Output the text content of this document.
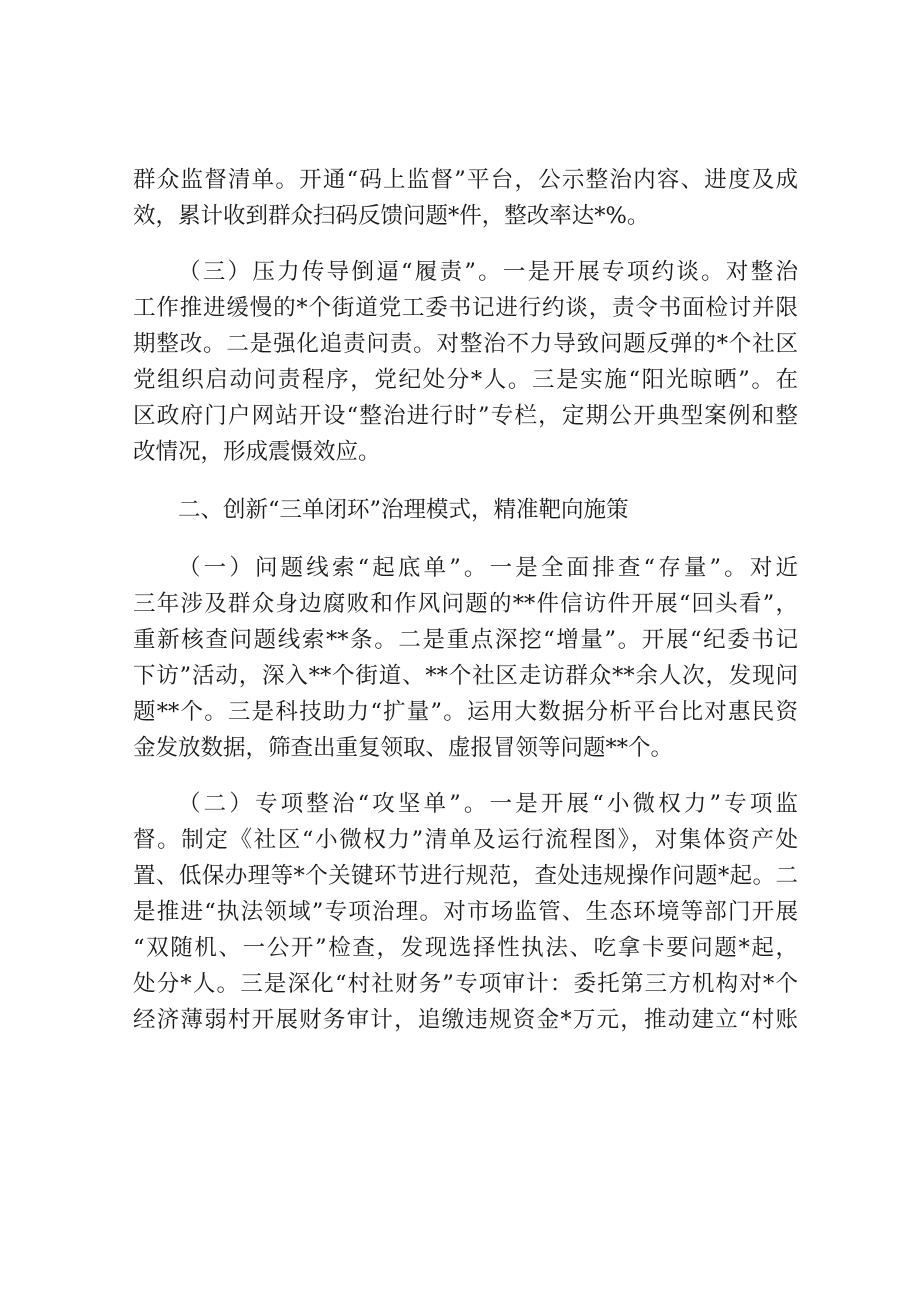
群众监督清单。开通“码上监督”平台，公示整治内容、进度及成
效，累计收到群众扫码反馈问题*件，整改率达*%。
（三）压力传导倒逼“履责”。一是开展专项约谈。对整治
工作推进缓慢的*个街道党工委书记进行约谈，责令书面检讨并限
期整改。二是强化追责问责。对整治不力导致问题反弹的*个社区
党组织启动问责程序，党纪处分*人。三是实施“阳光晾晒”。在
区政府门户网站开设“整治进行时”专栏，定期公开典型案例和整
改情况，形成震慑效应。
二、创新“三单闭环”治理模式，精准靶向施策
（一）问题线索“起底单”。一是全面排查“存量”。对近
三年涉及群众身边腐败和作风问题的**件信访件开展“回头看”，
重新核查问题线索**条。二是重点深挖“增量”。开展“纪委书记
下访”活动，深入**个街道、**个社区走访群众**余人次，发现问
题**个。三是科技助力“扩量”。运用大数据分析平台比对惠民资
金发放数据，筛查出重复领取、虚报冒领等问题**个。
（二）专项整治“攻坚单”。一是开展“小微权力”专项监
督。制定《社区“小微权力”清单及运行流程图》，对集体资产处
置、低保办理等*个关键环节进行规范，查处违规操作问题*起。二
是推进“执法领域”专项治理。对市场监管、生态环境等部门开展
“双随机、一公开”检查，发现选择性执法、吃拿卡要问题*起，
处分*人。三是深化“村社财务”专项审计：委托第三方机构对*个
经济薄弱村开展财务审计，追缴违规资金*万元，推动建立“村账
